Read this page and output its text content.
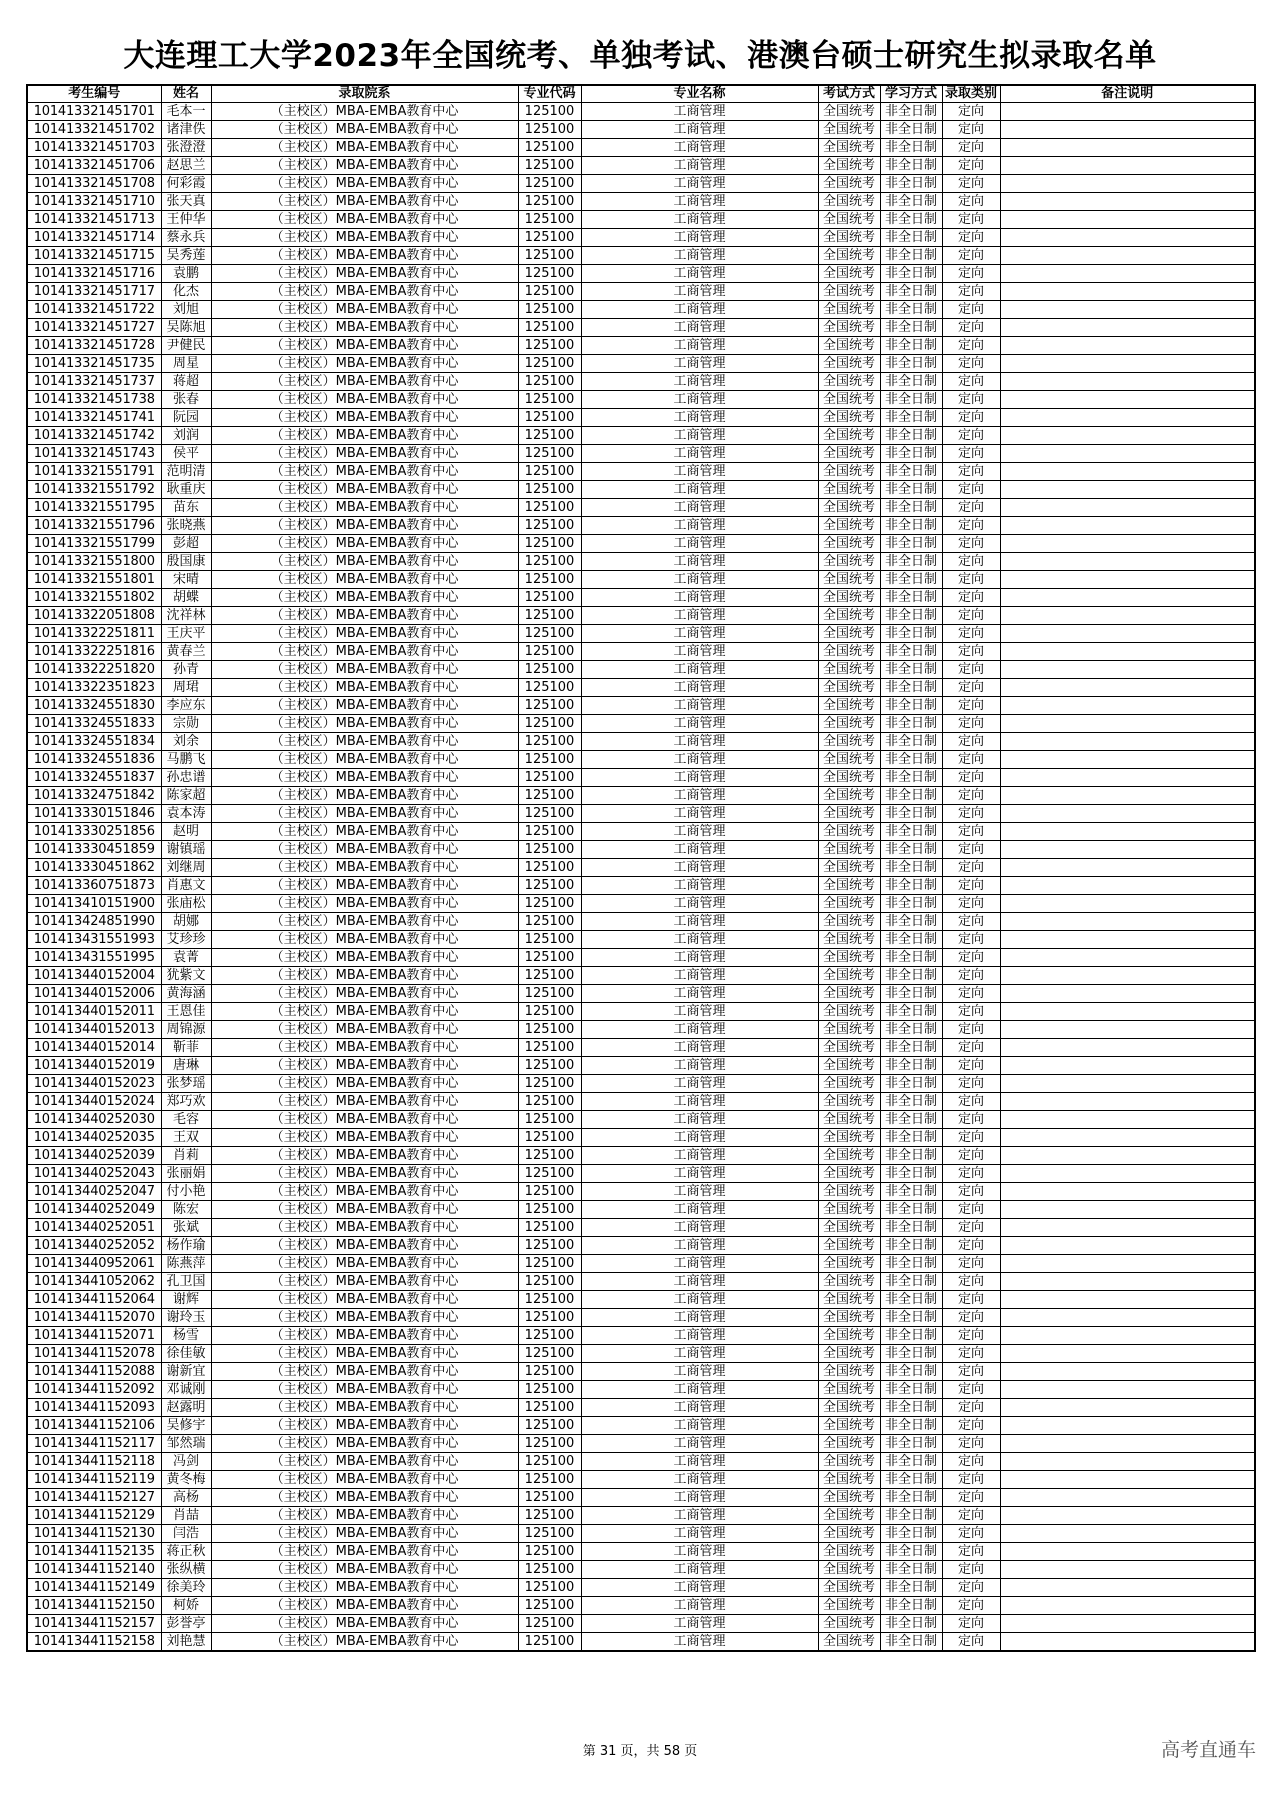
大连理工大学2023年全国统考、单独考试、港澳台硕士研究生拟录取名单
考生编号	姓名	录取院系	专业代码	专业名称	考试方式	学习方式	录取类别	备注说明
101413321451701	毛本一	（主校区）MBA-EMBA教育中心	125100	工商管理	全国统考	非全日制	定向	
101413321451702	诸津佚	（主校区）MBA-EMBA教育中心	125100	工商管理	全国统考	非全日制	定向	
101413321451703	张澄澄	（主校区）MBA-EMBA教育中心	125100	工商管理	全国统考	非全日制	定向	
101413321451706	赵思兰	（主校区）MBA-EMBA教育中心	125100	工商管理	全国统考	非全日制	定向	
101413321451708	何彩霞	（主校区）MBA-EMBA教育中心	125100	工商管理	全国统考	非全日制	定向	
101413321451710	张天真	（主校区）MBA-EMBA教育中心	125100	工商管理	全国统考	非全日制	定向	
101413321451713	王仲华	（主校区）MBA-EMBA教育中心	125100	工商管理	全国统考	非全日制	定向	
101413321451714	蔡永兵	（主校区）MBA-EMBA教育中心	125100	工商管理	全国统考	非全日制	定向	
101413321451715	吴秀莲	（主校区）MBA-EMBA教育中心	125100	工商管理	全国统考	非全日制	定向	
101413321451716	袁鹏	（主校区）MBA-EMBA教育中心	125100	工商管理	全国统考	非全日制	定向	
101413321451717	化杰	（主校区）MBA-EMBA教育中心	125100	工商管理	全国统考	非全日制	定向	
101413321451722	刘旭	（主校区）MBA-EMBA教育中心	125100	工商管理	全国统考	非全日制	定向	
101413321451727	吴陈旭	（主校区）MBA-EMBA教育中心	125100	工商管理	全国统考	非全日制	定向	
101413321451728	尹健民	（主校区）MBA-EMBA教育中心	125100	工商管理	全国统考	非全日制	定向	
101413321451735	周星	（主校区）MBA-EMBA教育中心	125100	工商管理	全国统考	非全日制	定向	
101413321451737	蒋超	（主校区）MBA-EMBA教育中心	125100	工商管理	全国统考	非全日制	定向	
101413321451738	张春	（主校区）MBA-EMBA教育中心	125100	工商管理	全国统考	非全日制	定向	
101413321451741	阮园	（主校区）MBA-EMBA教育中心	125100	工商管理	全国统考	非全日制	定向	
101413321451742	刘润	（主校区）MBA-EMBA教育中心	125100	工商管理	全国统考	非全日制	定向	
101413321451743	侯平	（主校区）MBA-EMBA教育中心	125100	工商管理	全国统考	非全日制	定向	
101413321551791	范明清	（主校区）MBA-EMBA教育中心	125100	工商管理	全国统考	非全日制	定向	
101413321551792	耿重庆	（主校区）MBA-EMBA教育中心	125100	工商管理	全国统考	非全日制	定向	
101413321551795	苗东	（主校区）MBA-EMBA教育中心	125100	工商管理	全国统考	非全日制	定向	
101413321551796	张晓燕	（主校区）MBA-EMBA教育中心	125100	工商管理	全国统考	非全日制	定向	
101413321551799	彭超	（主校区）MBA-EMBA教育中心	125100	工商管理	全国统考	非全日制	定向	
101413321551800	殷国康	（主校区）MBA-EMBA教育中心	125100	工商管理	全国统考	非全日制	定向	
101413321551801	宋晴	（主校区）MBA-EMBA教育中心	125100	工商管理	全国统考	非全日制	定向	
101413321551802	胡蝶	（主校区）MBA-EMBA教育中心	125100	工商管理	全国统考	非全日制	定向	
101413322051808	沈祥林	（主校区）MBA-EMBA教育中心	125100	工商管理	全国统考	非全日制	定向	
101413322251811	王庆平	（主校区）MBA-EMBA教育中心	125100	工商管理	全国统考	非全日制	定向	
101413322251816	黄春兰	（主校区）MBA-EMBA教育中心	125100	工商管理	全国统考	非全日制	定向	
101413322251820	孙青	（主校区）MBA-EMBA教育中心	125100	工商管理	全国统考	非全日制	定向	
101413322351823	周珺	（主校区）MBA-EMBA教育中心	125100	工商管理	全国统考	非全日制	定向	
101413324551830	李应东	（主校区）MBA-EMBA教育中心	125100	工商管理	全国统考	非全日制	定向	
101413324551833	宗勋	（主校区）MBA-EMBA教育中心	125100	工商管理	全国统考	非全日制	定向	
101413324551834	刘余	（主校区）MBA-EMBA教育中心	125100	工商管理	全国统考	非全日制	定向	
101413324551836	马鹏飞	（主校区）MBA-EMBA教育中心	125100	工商管理	全国统考	非全日制	定向	
101413324551837	孙忠谱	（主校区）MBA-EMBA教育中心	125100	工商管理	全国统考	非全日制	定向	
101413324751842	陈家超	（主校区）MBA-EMBA教育中心	125100	工商管理	全国统考	非全日制	定向	
101413330151846	袁本涛	（主校区）MBA-EMBA教育中心	125100	工商管理	全国统考	非全日制	定向	
101413330251856	赵明	（主校区）MBA-EMBA教育中心	125100	工商管理	全国统考	非全日制	定向	
101413330451859	谢镇瑶	（主校区）MBA-EMBA教育中心	125100	工商管理	全国统考	非全日制	定向	
101413330451862	刘继周	（主校区）MBA-EMBA教育中心	125100	工商管理	全国统考	非全日制	定向	
101413360751873	肖惠文	（主校区）MBA-EMBA教育中心	125100	工商管理	全国统考	非全日制	定向	
101413410151900	张庙松	（主校区）MBA-EMBA教育中心	125100	工商管理	全国统考	非全日制	定向	
101413424851990	胡娜	（主校区）MBA-EMBA教育中心	125100	工商管理	全国统考	非全日制	定向	
101413431551993	艾珍珍	（主校区）MBA-EMBA教育中心	125100	工商管理	全国统考	非全日制	定向	
101413431551995	袁菁	（主校区）MBA-EMBA教育中心	125100	工商管理	全国统考	非全日制	定向	
101413440152004	犹紫文	（主校区）MBA-EMBA教育中心	125100	工商管理	全国统考	非全日制	定向	
101413440152006	黄海涵	（主校区）MBA-EMBA教育中心	125100	工商管理	全国统考	非全日制	定向	
101413440152011	王恩佳	（主校区）MBA-EMBA教育中心	125100	工商管理	全国统考	非全日制	定向	
101413440152013	周锦源	（主校区）MBA-EMBA教育中心	125100	工商管理	全国统考	非全日制	定向	
101413440152014	靳菲	（主校区）MBA-EMBA教育中心	125100	工商管理	全国统考	非全日制	定向	
101413440152019	唐琳	（主校区）MBA-EMBA教育中心	125100	工商管理	全国统考	非全日制	定向	
101413440152023	张梦瑶	（主校区）MBA-EMBA教育中心	125100	工商管理	全国统考	非全日制	定向	
101413440152024	郑巧欢	（主校区）MBA-EMBA教育中心	125100	工商管理	全国统考	非全日制	定向	
101413440252030	毛容	（主校区）MBA-EMBA教育中心	125100	工商管理	全国统考	非全日制	定向	
101413440252035	王双	（主校区）MBA-EMBA教育中心	125100	工商管理	全国统考	非全日制	定向	
101413440252039	肖莉	（主校区）MBA-EMBA教育中心	125100	工商管理	全国统考	非全日制	定向	
101413440252043	张丽娟	（主校区）MBA-EMBA教育中心	125100	工商管理	全国统考	非全日制	定向	
101413440252047	付小艳	（主校区）MBA-EMBA教育中心	125100	工商管理	全国统考	非全日制	定向	
101413440252049	陈宏	（主校区）MBA-EMBA教育中心	125100	工商管理	全国统考	非全日制	定向	
101413440252051	张斌	（主校区）MBA-EMBA教育中心	125100	工商管理	全国统考	非全日制	定向	
101413440252052	杨作瑜	（主校区）MBA-EMBA教育中心	125100	工商管理	全国统考	非全日制	定向	
101413440952061	陈燕萍	（主校区）MBA-EMBA教育中心	125100	工商管理	全国统考	非全日制	定向	
101413441052062	孔卫国	（主校区）MBA-EMBA教育中心	125100	工商管理	全国统考	非全日制	定向	
101413441152064	谢辉	（主校区）MBA-EMBA教育中心	125100	工商管理	全国统考	非全日制	定向	
101413441152070	谢玲玉	（主校区）MBA-EMBA教育中心	125100	工商管理	全国统考	非全日制	定向	
101413441152071	杨雪	（主校区）MBA-EMBA教育中心	125100	工商管理	全国统考	非全日制	定向	
101413441152078	徐佳敏	（主校区）MBA-EMBA教育中心	125100	工商管理	全国统考	非全日制	定向	
101413441152088	谢新宜	（主校区）MBA-EMBA教育中心	125100	工商管理	全国统考	非全日制	定向	
101413441152092	邓诚刚	（主校区）MBA-EMBA教育中心	125100	工商管理	全国统考	非全日制	定向	
101413441152093	赵露明	（主校区）MBA-EMBA教育中心	125100	工商管理	全国统考	非全日制	定向	
101413441152106	吴修宇	（主校区）MBA-EMBA教育中心	125100	工商管理	全国统考	非全日制	定向	
101413441152117	邹然瑞	（主校区）MBA-EMBA教育中心	125100	工商管理	全国统考	非全日制	定向	
101413441152118	冯剑	（主校区）MBA-EMBA教育中心	125100	工商管理	全国统考	非全日制	定向	
101413441152119	黄冬梅	（主校区）MBA-EMBA教育中心	125100	工商管理	全国统考	非全日制	定向	
101413441152127	高杨	（主校区）MBA-EMBA教育中心	125100	工商管理	全国统考	非全日制	定向	
101413441152129	肖喆	（主校区）MBA-EMBA教育中心	125100	工商管理	全国统考	非全日制	定向	
101413441152130	闫浩	（主校区）MBA-EMBA教育中心	125100	工商管理	全国统考	非全日制	定向	
101413441152135	蒋正秋	（主校区）MBA-EMBA教育中心	125100	工商管理	全国统考	非全日制	定向	
101413441152140	张纵横	（主校区）MBA-EMBA教育中心	125100	工商管理	全国统考	非全日制	定向	
101413441152149	徐美玲	（主校区）MBA-EMBA教育中心	125100	工商管理	全国统考	非全日制	定向	
101413441152150	柯娇	（主校区）MBA-EMBA教育中心	125100	工商管理	全国统考	非全日制	定向	
101413441152157	彭誉亭	（主校区）MBA-EMBA教育中心	125100	工商管理	全国统考	非全日制	定向	
101413441152158	刘艳慧	（主校区）MBA-EMBA教育中心	125100	工商管理	全国统考	非全日制	定向	
第 31 页，共 58 页	高考直通车
